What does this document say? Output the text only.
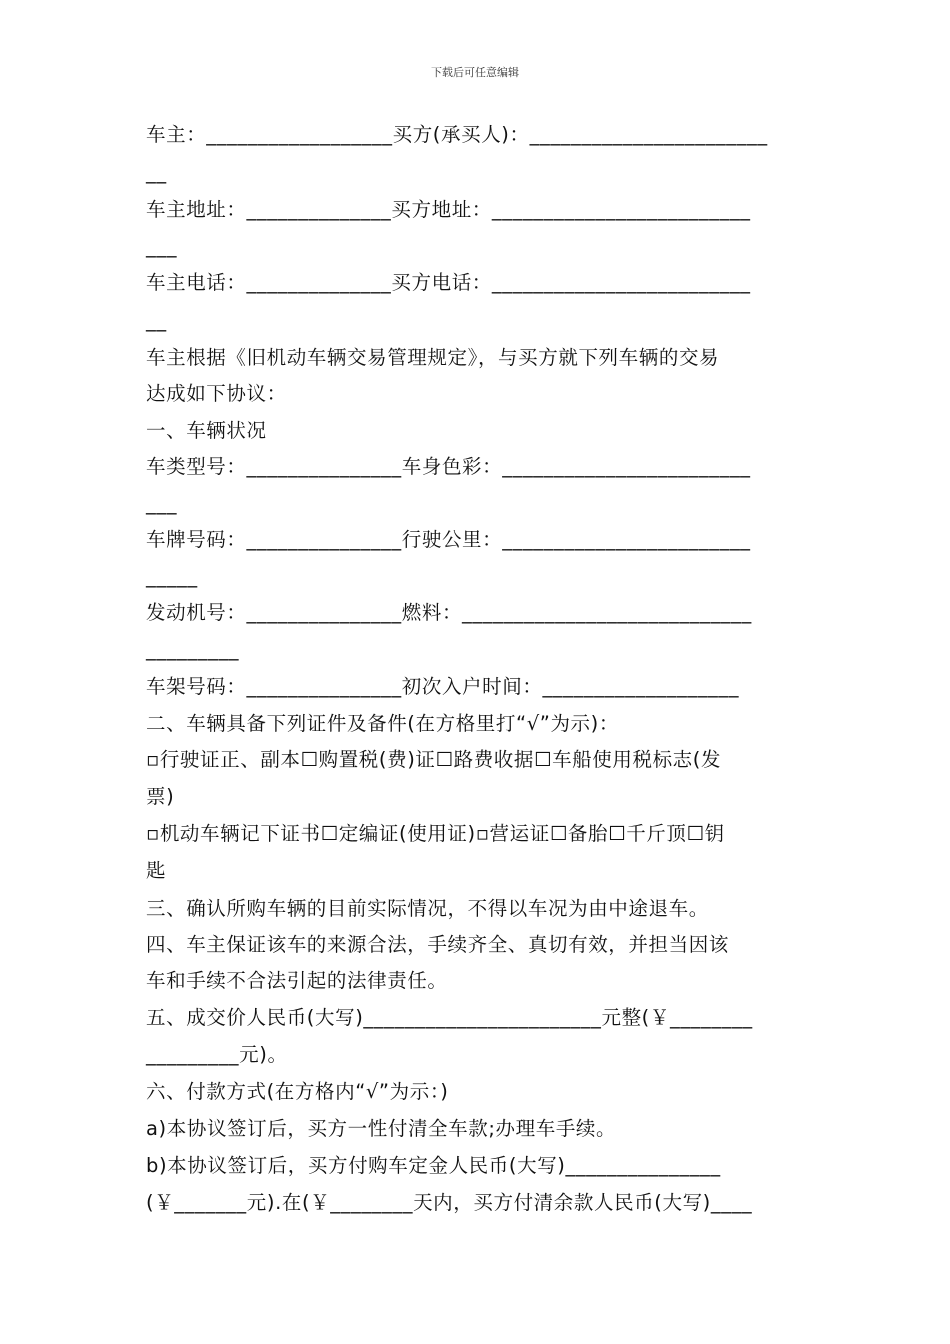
下载后可任意编辑
车主：__________________买方(承买人)：_______________________
__
车主地址：______________买方地址：_________________________
___
车主电话：______________买方电话：_________________________
__
车主根据《旧机动车辆交易管理规定》，与买方就下列车辆的交易
达成如下协议：
一、车辆状况
车类型号：_______________车身色彩：________________________
___
车牌号码：_______________行驶公里：________________________
_____
发动机号：_______________燃料：____________________________
_________
车架号码：_______________初次入户时间：___________________
二、车辆具备下列证件及备件(在方格里打“√”为示)：
▫行驶证正、副本☐购置税(费)证☐路费收据☐车船使用税标志(发
票)
▫机动车辆记下证书☐定编证(使用证)▫营运证☐备胎☐千斤顶☐钥
匙
三、确认所购车辆的目前实际情况，不得以车况为由中途退车。
四、车主保证该车的来源合法，手续齐全、真切有效，并担当因该
车和手续不合法引起的法律责任。
五、成交价人民币(大写)_______________________元整(￥________
_________元)。
六、付款方式(在方格内“√”为示：)
a)本协议签订后，买方一性付清全车款;办理车手续。
b)本协议签订后，买方付购车定金人民币(大写)_______________
(￥_______元).在(￥________天内，买方付清余款人民币(大写)____
